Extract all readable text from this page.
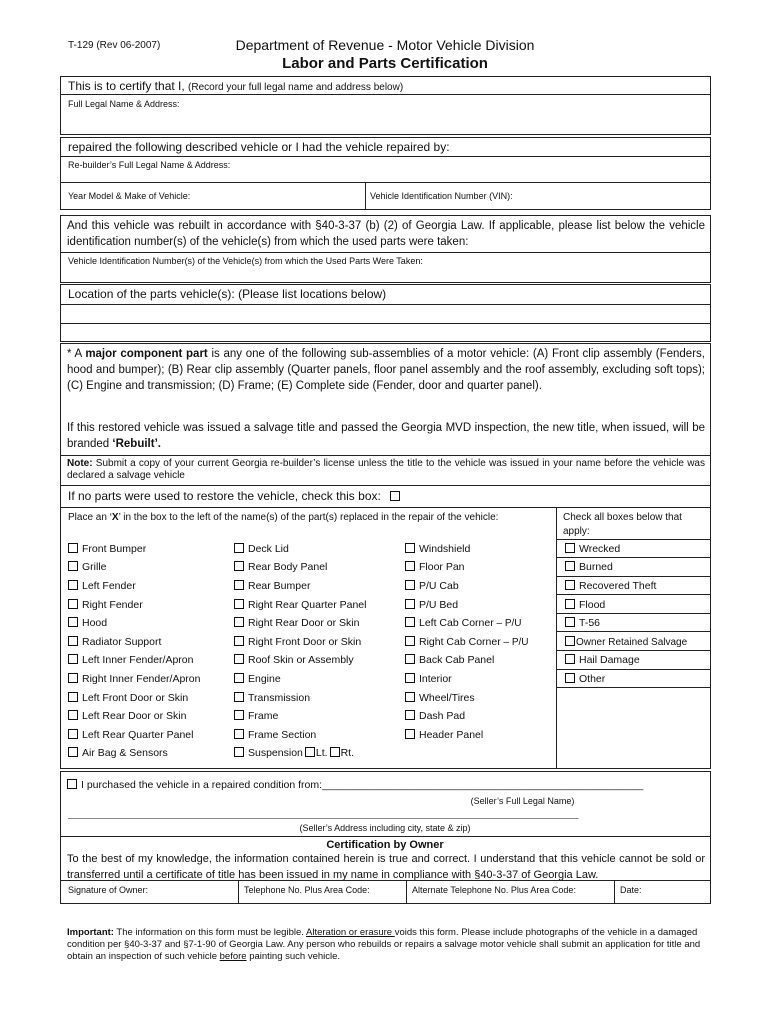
T-129 (Rev 06-2007)	Department of Revenue - Motor Vehicle Division
Labor and Parts Certification
This is to certify that I, (Record your full legal name and address below)
Full Legal Name & Address:
repaired the following described vehicle or I had the vehicle repaired by:
Re-builder’s Full Legal Name & Address:
Year Model & Make of Vehicle:	Vehicle Identification Number (VIN):
And this vehicle was rebuilt in accordance with §40-3-37 (b) (2) of Georgia Law. If applicable, please list below the vehicle identification number(s) of the vehicle(s) from which the used parts were taken:
Vehicle Identification Number(s) of the Vehicle(s) from which the Used Parts Were Taken:
Location of the parts vehicle(s): (Please list locations below)
* A major component part is any one of the following sub-assemblies of a motor vehicle: (A) Front clip assembly (Fenders, hood and bumper); (B) Rear clip assembly (Quarter panels, floor panel assembly and the roof assembly, excluding soft tops); (C) Engine and transmission; (D) Frame; (E) Complete side (Fender, door and quarter panel).
If this restored vehicle was issued a salvage title and passed the Georgia MVD inspection, the new title, when issued, will be branded ‘Rebuilt’.
Note: Submit a copy of your current Georgia re-builder’s license unless the title to the vehicle was issued in your name before the vehicle was declared a salvage vehicle
If no parts were used to restore the vehicle, check this box:
Place an ‘X’ in the box to the left of the name(s) of the part(s) replaced in the repair of the vehicle:	Check all boxes below that apply:
Front Bumper
Grille
Left Fender
Right Fender
Hood
Radiator Support
Left Inner Fender/Apron
Right Inner Fender/Apron
Left Front Door or Skin
Left Rear Door or Skin
Left Rear Quarter Panel
Air Bag & Sensors
Deck Lid
Rear Body Panel
Rear Bumper
Right Rear Quarter Panel
Right Rear Door or Skin
Right Front Door or Skin
Roof Skin or Assembly
Engine
Transmission
Frame
Frame Section
Suspension Lt. Rt.
Windshield
Floor Pan
P/U Cab
P/U Bed
Left Cab Corner – P/U
Right Cab Corner – P/U
Back Cab Panel
Interior
Wheel/Tires
Dash Pad
Header Panel
Wrecked
Burned
Recovered Theft
Flood
T-56
Owner Retained Salvage
Hail Damage
Other
I purchased the vehicle in a repaired condition from:_______________________________________________________
(Seller’s Full Legal Name)
______________________________________________________________________________________________________
(Seller’s Address including city, state & zip)
Certification by Owner
To the best of my knowledge, the information contained herein is true and correct. I understand that this vehicle cannot be sold or transferred until a certificate of title has been issued in my name in compliance with §40-3-37 of Georgia Law.
Signature of Owner:	Telephone No. Plus Area Code:	Alternate Telephone No. Plus Area Code:	Date:
Important: The information on this form must be legible. Alteration or erasure voids this form. Please include photographs of the vehicle in a damaged condition per §40-3-37 and §7-1-90 of Georgia Law. Any person who rebuilds or repairs a salvage motor vehicle shall submit an application for title and obtain an inspection of such vehicle before painting such vehicle.
